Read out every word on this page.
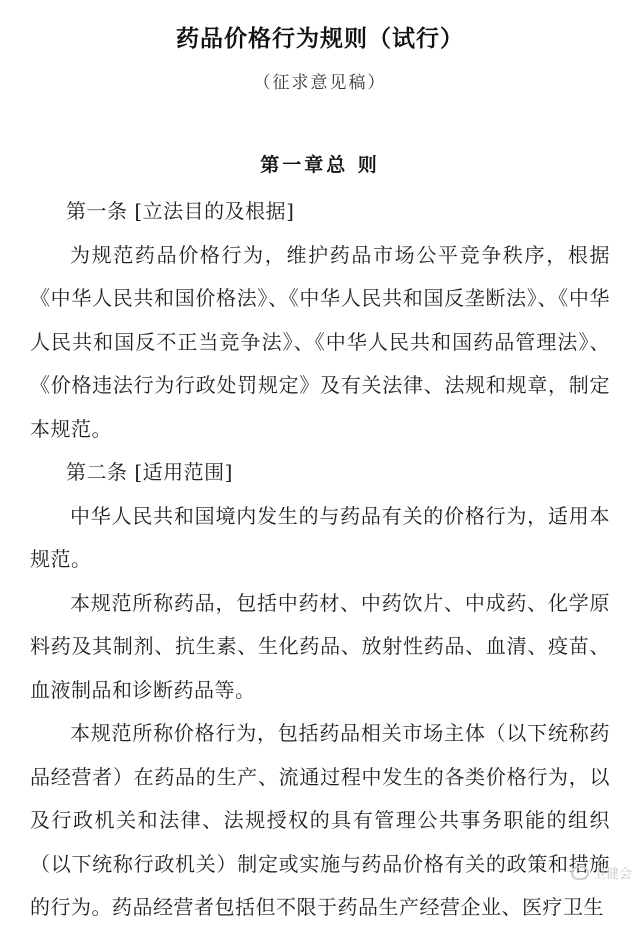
药品价格行为规则（试行）
（征求意见稿）
第一章总 则

第一条 [立法目的及根据]

为规范药品价格行为，维护药品市场公平竞争秩序，根据《中华人民共和国价格法》、《中华人民共和国反垄断法》、《中华人民共和国反不正当竞争法》、《中华人民共和国药品管理法》、《价格违法行为行政处罚规定》及有关法律、法规和规章，制定本规范。

第二条 [适用范围]

中华人民共和国境内发生的与药品有关的价格行为，适用本规范。

本规范所称药品，包括中药材、中药饮片、中成药、化学原料药及其制剂、抗生素、生化药品、放射性药品、血清、疫苗、血液制品和诊断药品等。

本规范所称价格行为，包括药品相关市场主体（以下统称药品经营者）在药品的生产、流通过程中发生的各类价格行为，以及行政机关和法律、法规授权的具有管理公共事务职能的组织（以下统称行政机关）制定或实施与药品价格有关的政策和措施的行为。药品经营者包括但不限于药品生产经营企业、医疗卫生

卫健会
